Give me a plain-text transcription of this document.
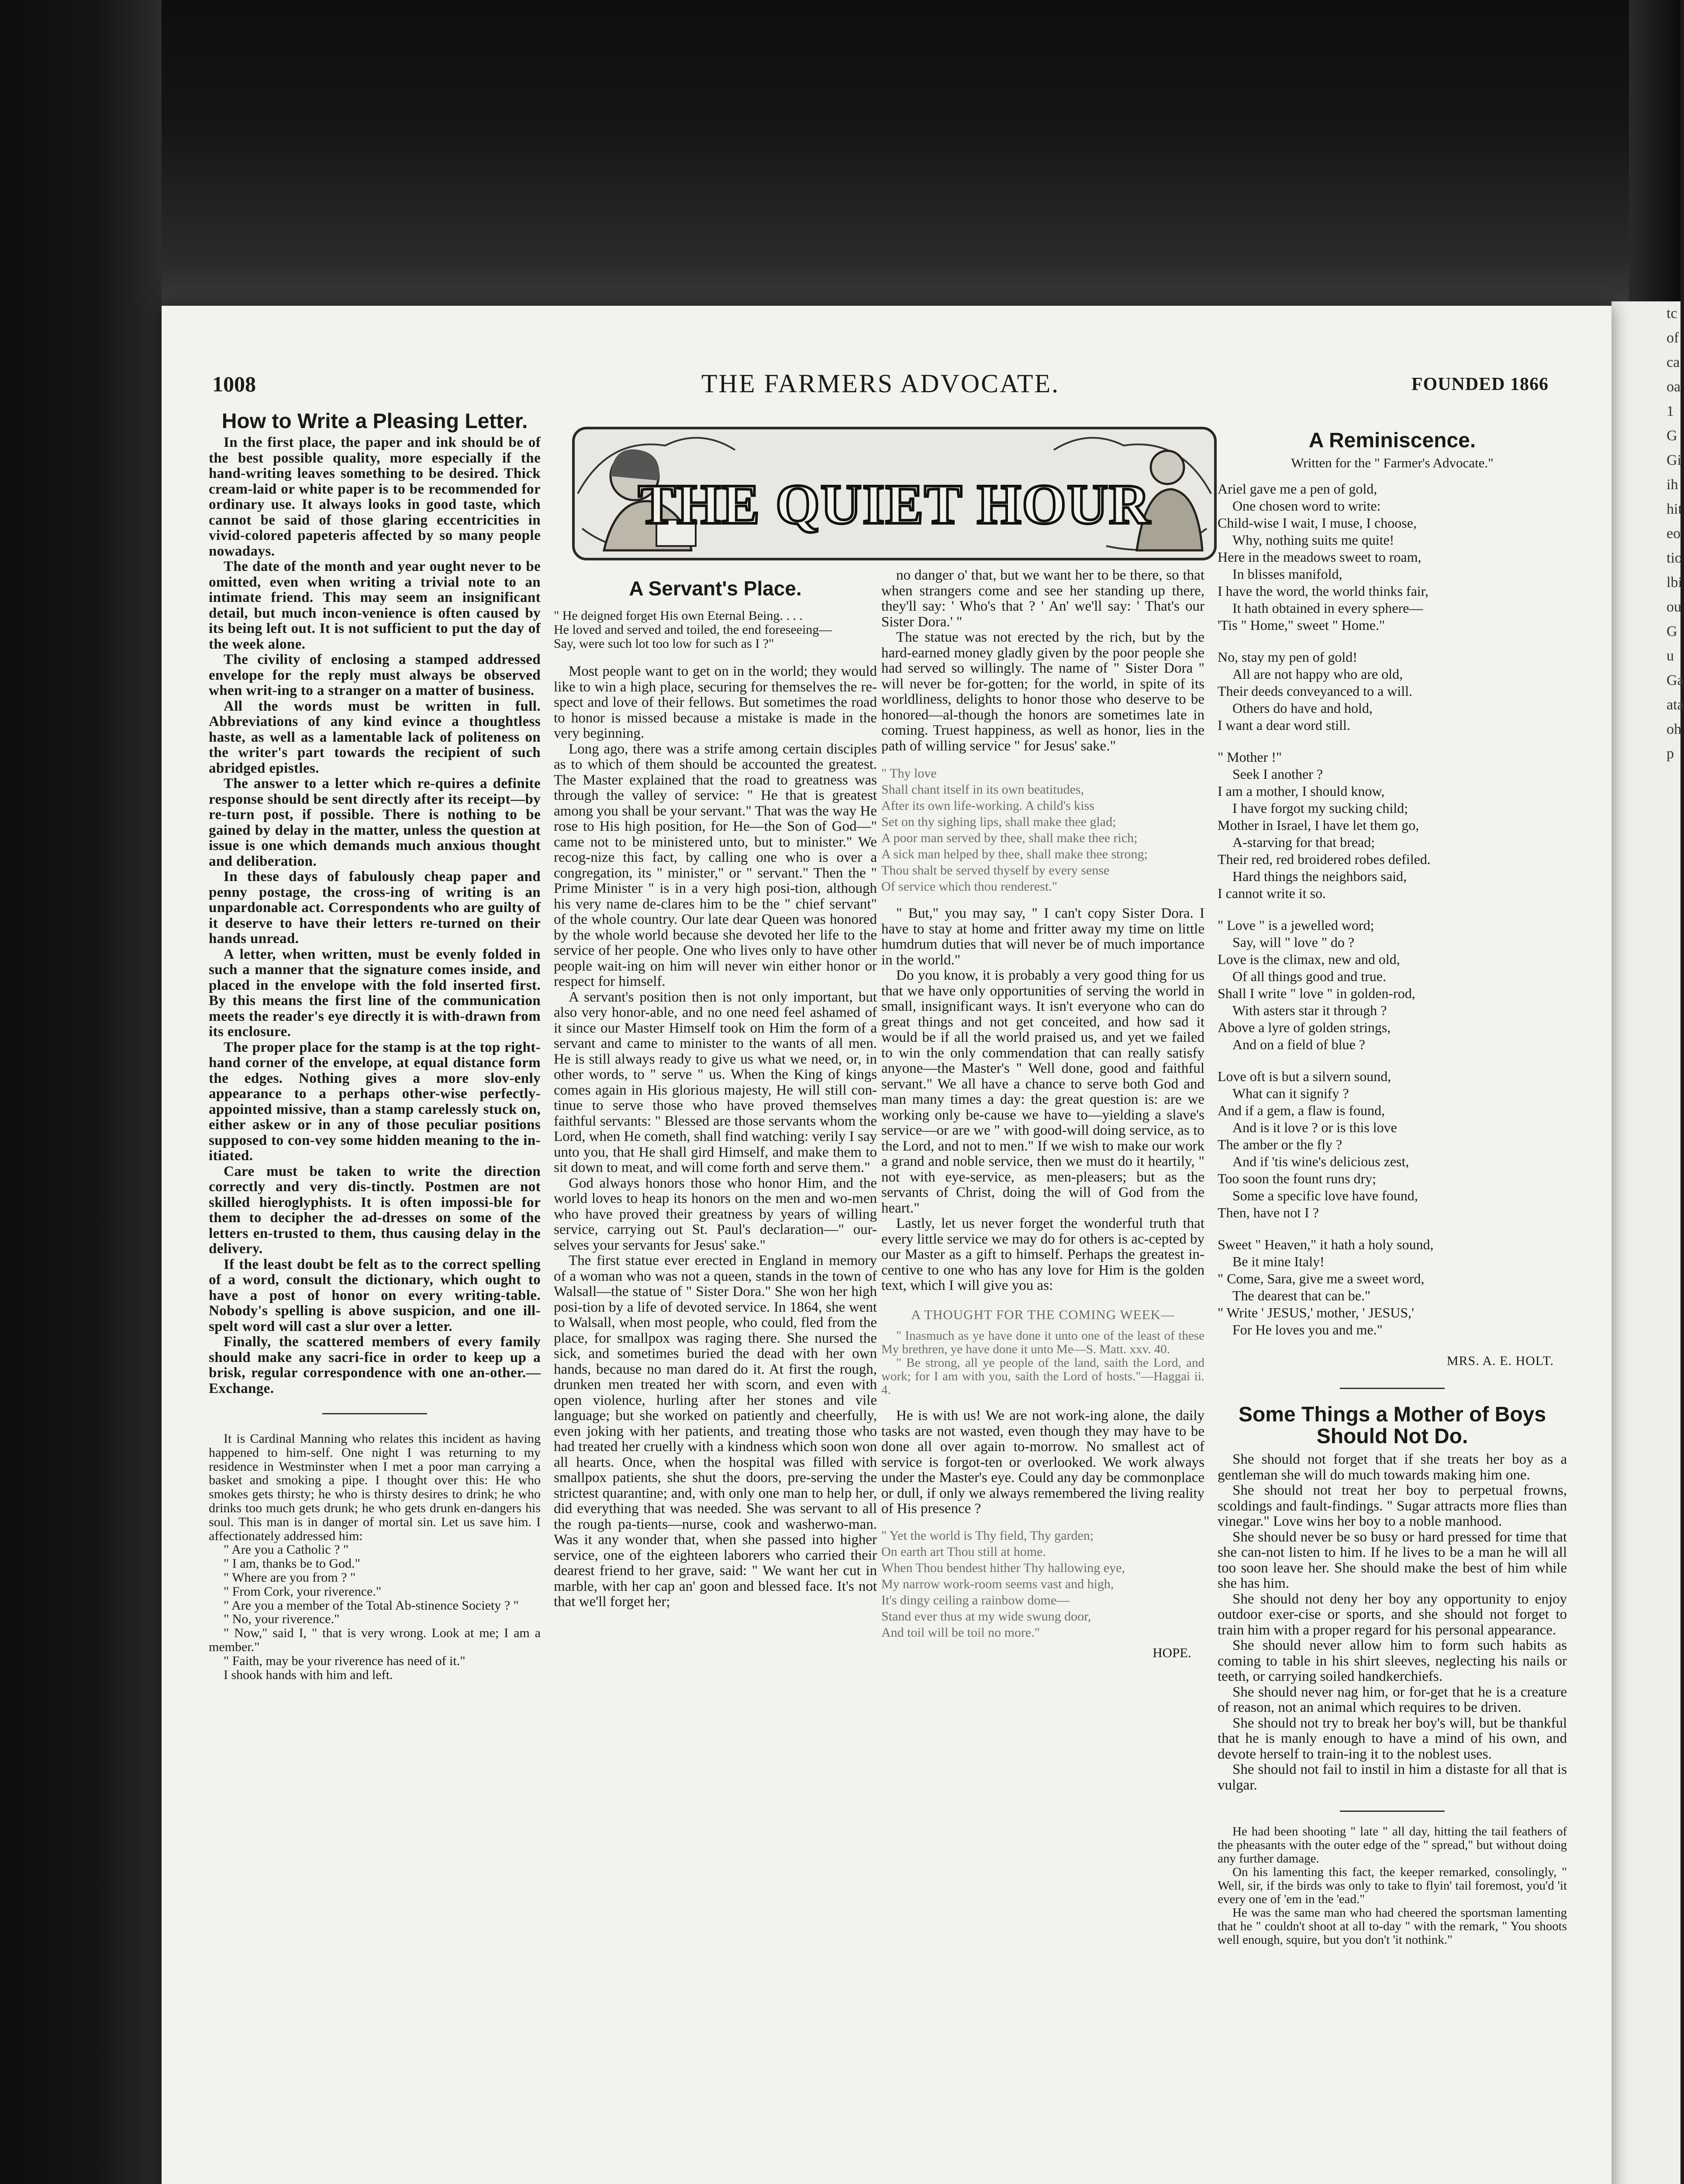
tcofcaoa1GGiihhiteotiolbiouGuGaataohp
1008	THE FARMERS ADVOCATE.	FOUNDED 1866
How to Write a Pleasing Letter.

In the first place, the paper and ink should be of the best possible quality, more especially if the hand-writing leaves something to be desired. Thick cream-laid or white paper is to be recommended for ordinary use. It always looks in good taste, which cannot be said of those glaring eccentricities in vivid-colored papeteris affected by so many people nowadays.

The date of the month and year ought never to be omitted, even when writing a trivial note to an intimate friend. This may seem an insignificant detail, but much incon-venience is often caused by its being left out. It is not sufficient to put the day of the week alone.

The civility of enclosing a stamped addressed envelope for the reply must always be observed when writ-ing to a stranger on a matter of business.

All the words must be written in full. Abbreviations of any kind evince a thoughtless haste, as well as a lamentable lack of politeness on the writer's part towards the recipient of such abridged epistles.

The answer to a letter which re-quires a definite response should be sent directly after its receipt—by re-turn post, if possible. There is nothing to be gained by delay in the matter, unless the question at issue is one which demands much anxious thought and deliberation.

In these days of fabulously cheap paper and penny postage, the cross-ing of writing is an unpardonable act. Correspondents who are guilty of it deserve to have their letters re-turned on their hands unread.

A letter, when written, must be evenly folded in such a manner that the signature comes inside, and placed in the envelope with the fold inserted first. By this means the first line of the communication meets the reader's eye directly it is with-drawn from its enclosure.

The proper place for the stamp is at the top right-hand corner of the envelope, at equal distance form the edges. Nothing gives a more slov-enly appearance to a perhaps other-wise perfectly-appointed missive, than a stamp carelessly stuck on, either askew or in any of those peculiar positions supposed to con-vey some hidden meaning to the in-itiated.

Care must be taken to write the direction correctly and very dis-tinctly. Postmen are not skilled hieroglyphists. It is often impossi-ble for them to decipher the ad-dresses on some of the letters en-trusted to them, thus causing delay in the delivery.

If the least doubt be felt as to the correct spelling of a word, consult the dictionary, which ought to have a post of honor on every writing-table. Nobody's spelling is above suspicion, and one ill-spelt word will cast a slur over a letter.

Finally, the scattered members of every family should make any sacri-fice in order to keep up a brisk, regular correspondence with one an-other.—Exchange.

It is Cardinal Manning who relates this incident as having happened to him-self. One night I was returning to my residence in Westminster when I met a poor man carrying a basket and smoking a pipe. I thought over this: He who smokes gets thirsty; he who is thirsty desires to drink; he who drinks too much gets drunk; he who gets drunk en-dangers his soul. This man is in danger of mortal sin. Let us save him. I affectionately addressed him:

" Are you a Catholic ? "

" I am, thanks be to God."

" Where are you from ? "

" From Cork, your riverence."

" Are you a member of the Total Ab-stinence Society ? "

" No, your riverence."

" Now," said I, " that is very wrong. Look at me; I am a member."

" Faith, may be your riverence has need of it."

I shook hands with him and left.

THE QUIET HOUR
A Servant's Place.
" He deigned forget His own Eternal Being. . . .
He loved and served and toiled, the end foreseeing—
Say, were such lot too low for such as I ?"

Most people want to get on in the world; they would like to win a high place, securing for themselves the re-spect and love of their fellows. But sometimes the road to honor is missed because a mistake is made in the very beginning.

Long ago, there was a strife among certain disciples as to which of them should be accounted the greatest. The Master explained that the road to greatness was through the valley of service: " He that is greatest among you shall be your servant." That was the way He rose to His high position, for He—the Son of God—" came not to be ministered unto, but to minister." We recog-nize this fact, by calling one who is over a congregation, its " minister," or " servant." Then the " Prime Minister " is in a very high posi-tion, although his very name de-clares him to be the " chief servant" of the whole country. Our late dear Queen was honored by the whole world because she devoted her life to the service of her people. One who lives only to have other people wait-ing on him will never win either honor or respect for himself.

A servant's position then is not only important, but also very honor-able, and no one need feel ashamed of it since our Master Himself took on Him the form of a servant and came to minister to the wants of all men. He is still always ready to give us what we need, or, in other words, to " serve " us. When the King of kings comes again in His glorious majesty, He will still con-tinue to serve those who have proved themselves faithful servants: " Blessed are those servants whom the Lord, when He cometh, shall find watching: verily I say unto you, that He shall gird Himself, and make them to sit down to meat, and will come forth and serve them."

God always honors those who honor Him, and the world loves to heap its honors on the men and wo-men who have proved their greatness by years of willing service, carrying out St. Paul's declaration—" our-selves your servants for Jesus' sake."

The first statue ever erected in England in memory of a woman who was not a queen, stands in the town of Walsall—the statue of " Sister Dora." She won her high posi-tion by a life of devoted service. In 1864, she went to Walsall, when most people, who could, fled from the place, for smallpox was raging there. She nursed the sick, and sometimes buried the dead with her own hands, because no man dared do it. At first the rough, drunken men treated her with scorn, and even with open violence, hurling after her stones and vile language; but she worked on patiently and cheerfully, even joking with her patients, and treating those who had treated her cruelly with a kindness which soon won all hearts. Once, when the hospital was filled with smallpox patients, she shut the doors, pre-serving the strictest quarantine; and, with only one man to help her, did everything that was needed. She was servant to all the rough pa-tients—nurse, cook and washerwo-man. Was it any wonder that, when she passed into higher service, one of the eighteen laborers who carried their dearest friend to her grave, said: " We want her cut in marble, with her cap an' goon and blessed face. It's not that we'll forget her;

no danger o' that, but we want her to be there, so that when strangers come and see her standing up there, they'll say: ' Who's that ? ' An' we'll say: ' That's our Sister Dora.' "

The statue was not erected by the rich, but by the hard-earned money gladly given by the poor people she had served so willingly. The name of " Sister Dora " will never be for-gotten; for the world, in spite of its worldliness, delights to honor those who deserve to be honored—al-though the honors are sometimes late in coming. Truest happiness, as well as honor, lies in the path of willing service " for Jesus' sake."

" Thy love
Shall chant itself in its own beatitudes,
After its own life-working. A child's kiss
Set on thy sighing lips, shall make thee glad;
A poor man served by thee, shall make thee rich;
A sick man helped by thee, shall make thee strong;
Thou shalt be served thyself by every sense
Of service which thou renderest."

" But," you may say, " I can't copy Sister Dora. I have to stay at home and fritter away my time on little humdrum duties that will never be of much importance in the world."

Do you know, it is probably a very good thing for us that we have only opportunities of serving the world in small, insignificant ways. It isn't everyone who can do great things and not get conceited, and how sad it would be if all the world praised us, and yet we failed to win the only commendation that can really satisfy anyone—the Master's " Well done, good and faithful servant." We all have a chance to serve both God and man many times a day: the great question is: are we working only be-cause we have to—yielding a slave's service—or are we " with good-will doing service, as to the Lord, and not to men." If we wish to make our work a grand and noble service, then we must do it heartily, " not with eye-service, as men-pleasers; but as the servants of Christ, doing the will of God from the heart."

Lastly, let us never forget the wonderful truth that every little service we may do for others is ac-cepted by our Master as a gift to himself. Perhaps the greatest in-centive to one who has any love for Him is the golden text, which I will give you as:

A THOUGHT FOR THE COMING WEEK—

" Inasmuch as ye have done it unto one of the least of these My brethren, ye have done it unto Me—S. Matt. xxv. 40.

" Be strong, all ye people of the land, saith the Lord, and work; for I am with you, saith the Lord of hosts."—Haggai ii. 4.

He is with us! We are not work-ing alone, the daily tasks are not wasted, even though they may have to be done all over again to-morrow. No smallest act of service is forgot-ten or overlooked. We work always under the Master's eye. Could any day be commonplace or dull, if only we always remembered the living reality of His presence ?

" Yet the world is Thy field, Thy garden;
On earth art Thou still at home.
When Thou bendest hither Thy hallowing eye,
My narrow work-room seems vast and high,
It's dingy ceiling a rainbow dome—
Stand ever thus at my wide swung door,
And toil will be toil no more."
HOPE.
A Reminiscence.
Written for the " Farmer's Advocate."
Ariel gave me a pen of gold,
One chosen word to write:
Child-wise I wait, I muse, I choose,
Why, nothing suits me quite!
Here in the meadows sweet to roam,
In blisses manifold,
I have the word, the world thinks fair,
It hath obtained in every sphere—
'Tis " Home," sweet " Home."
No, stay my pen of gold!
All are not happy who are old,
Their deeds conveyanced to a will.
Others do have and hold,
I want a dear word still.
" Mother !"
Seek I another ?
I am a mother, I should know,
I have forgot my sucking child;
Mother in Israel, I have let them go,
A-starving for that bread;
Their red, red broidered robes defiled.
Hard things the neighbors said,
I cannot write it so.
" Love " is a jewelled word;
Say, will " love " do ?
Love is the climax, new and old,
Of all things good and true.
Shall I write " love " in golden-rod,
With asters star it through ?
Above a lyre of golden strings,
And on a field of blue ?
Love oft is but a silvern sound,
What can it signify ?
And if a gem, a flaw is found,
And is it love ? or is this love
The amber or the fly ?
And if 'tis wine's delicious zest,
Too soon the fount runs dry;
Some a specific love have found,
Then, have not I ?
Sweet " Heaven," it hath a holy sound,
Be it mine Italy!
" Come, Sara, give me a sweet word,
The dearest that can be."
" Write ' JESUS,' mother, ' JESUS,'
For He loves you and me."
MRS. A. E. HOLT.
Some Things a Mother of Boys Should Not Do.

She should not forget that if she treats her boy as a gentleman she will do much towards making him one.

She should not treat her boy to perpetual frowns, scoldings and fault-findings. " Sugar attracts more flies than vinegar." Love wins her boy to a noble manhood.

She should never be so busy or hard pressed for time that she can-not listen to him. If he lives to be a man he will all too soon leave her. She should make the best of him while she has him.

She should not deny her boy any opportunity to enjoy outdoor exer-cise or sports, and she should not forget to train him with a proper regard for his personal appearance.

She should never allow him to form such habits as coming to table in his shirt sleeves, neglecting his nails or teeth, or carrying soiled handkerchiefs.

She should never nag him, or for-get that he is a creature of reason, not an animal which requires to be driven.

She should not try to break her boy's will, but be thankful that he is manly enough to have a mind of his own, and devote herself to train-ing it to the noblest uses.

She should not fail to instil in him a distaste for all that is vulgar.

He had been shooting " late " all day, hitting the tail feathers of the pheasants with the outer edge of the " spread," but without doing any further damage.

On his lamenting this fact, the keeper remarked, consolingly, " Well, sir, if the birds was only to take to flyin' tail foremost, you'd 'it every one of 'em in the 'ead."

He was the same man who had cheered the sportsman lamenting that he " couldn't shoot at all to-day " with the remark, " You shoots well enough, squire, but you don't 'it nothink."
